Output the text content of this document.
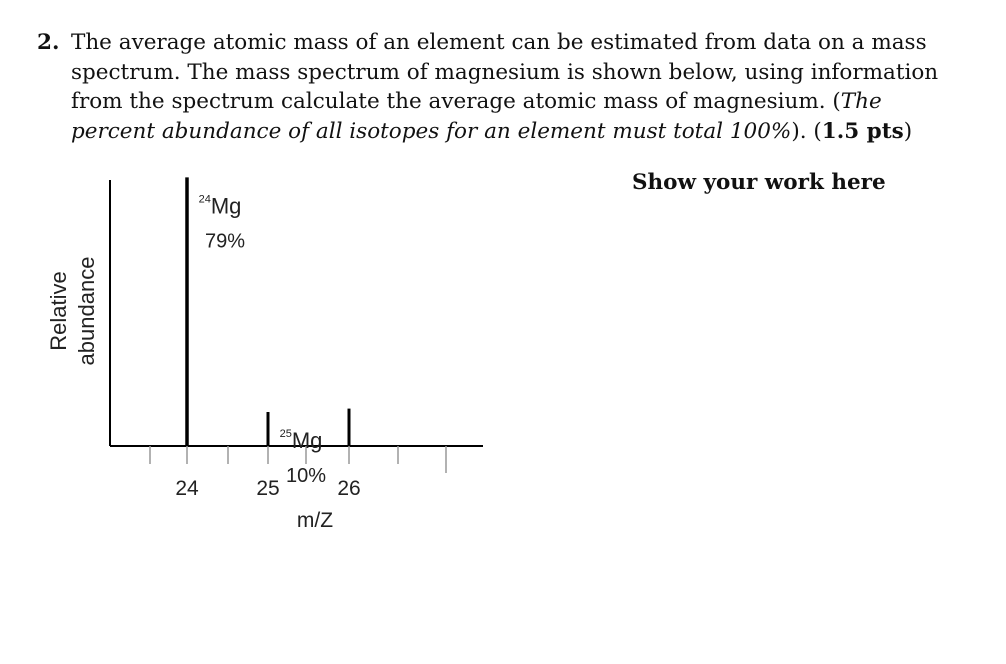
2. The average atomic mass of an element can be estimated from data on a mass spectrum. The mass spectrum of magnesium is shown below, using information from the spectrum calculate the average atomic mass of magnesium. (The percent abundance of all isotopes for an element must total 100%). (1.5 pts)
Show your work here
$^{24}$Mg
79%
$^{25}$Mg
10%
24	25	26
m/Z
Relative abundance
